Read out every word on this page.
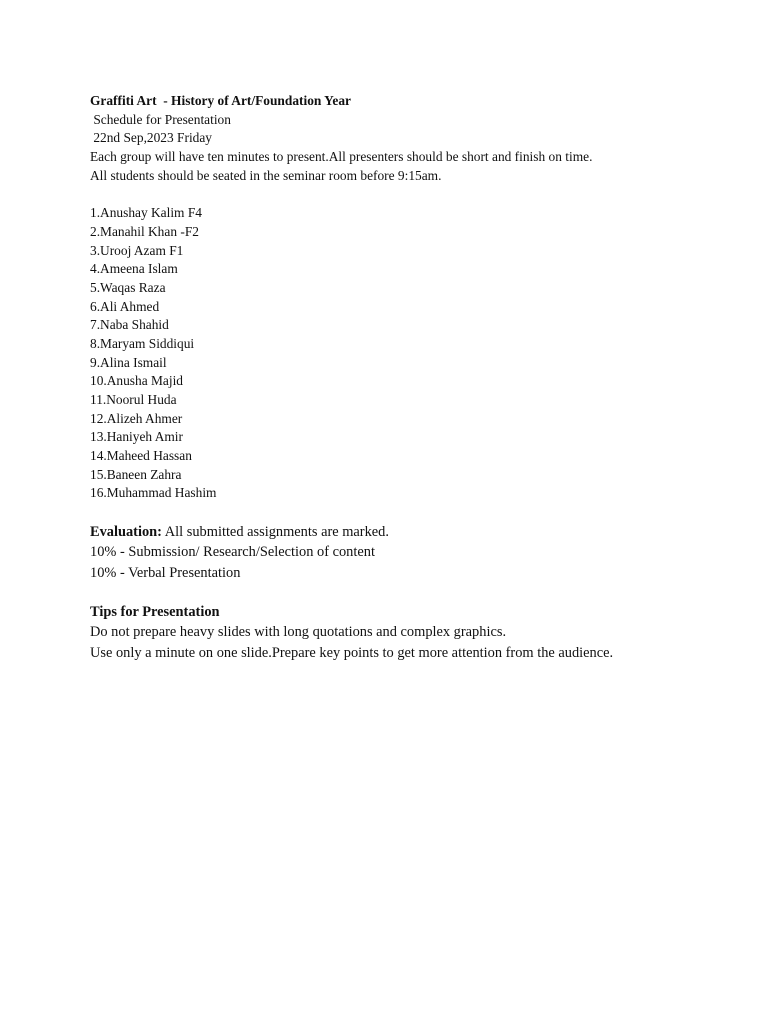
Graffiti Art  - History of Art/Foundation Year
Schedule for Presentation
22nd Sep,2023 Friday
Each group will have ten minutes to present.All presenters should be short and finish on time.
All students should be seated in the seminar room before 9:15am.
1.Anushay Kalim F4
2.Manahil Khan -F2
3.Urooj Azam F1
4.Ameena Islam
5.Waqas Raza
6.Ali Ahmed
7.Naba Shahid
8.Maryam Siddiqui
9.Alina Ismail
10.Anusha Majid
11.Noorul Huda
12.Alizeh Ahmer
13.Haniyeh Amir
14.Maheed Hassan
15.Baneen Zahra
16.Muhammad Hashim
Evaluation: All submitted assignments are marked.
10% - Submission/ Research/Selection of content
10% - Verbal Presentation
Tips for Presentation
Do not prepare heavy slides with long quotations and complex graphics.
Use only a minute on one slide.Prepare key points to get more attention from the audience.
